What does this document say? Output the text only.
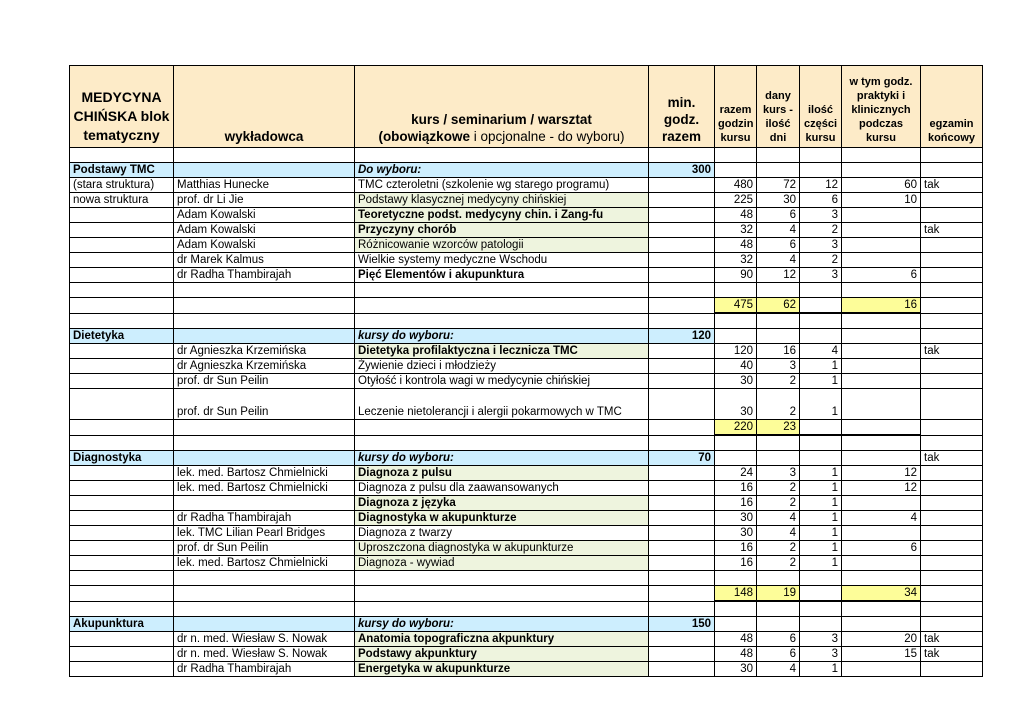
MEDYCYNA CHIŃSKA blok tematyczny	wykładowca	kurs / seminarium / warsztat
(obowiązkowe i opcjonalne - do wyboru)	min. godz. razem	razem godzin kursu	dany kurs - ilość dni	ilość części kursu	w tym godz. praktyki i klinicznych podczas kursu	egzamin końcowy

Podstawy TMC		Do wyboru:	300					
(stara struktura)	Matthias Hunecke	TMC czteroletni (szkolenie wg starego programu)		480	72	12	60	tak
nowa struktura	prof. dr Li Jie	Podstawy klasycznej medycyny chińskiej		225	30	6	10	
	Adam Kowalski	Teoretyczne podst. medycyny chin. i Zang-fu		48	6	3		
	Adam Kowalski	Przyczyny chorób		32	4	2		tak
	Adam Kowalski	Różnicowanie wzorców patologii		48	6	3		
	dr Marek Kalmus	Wielkie systemy medyczne Wschodu		32	4	2		
	dr Radha Thambirajah	Pięć Elementów i akupunktura		90	12	3	6	

				475	62		16	

Dietetyka		kursy do wyboru:	120					
	dr Agnieszka Krzemińska	Dietetyka profilaktyczna i lecznicza TMC		120	16	4		tak
	dr Agnieszka Krzemińska	Żywienie dzieci i młodzieży		40	3	1		
	prof. dr Sun Peilin	Otyłość i kontrola wagi w medycynie chińskiej		30	2	1		
	prof. dr Sun Peilin	Leczenie nietolerancji i alergii pokarmowych w TMC		30	2	1		
				220	23			

Diagnostyka		kursy do wyboru:	70					tak
	lek. med. Bartosz Chmielnicki	Diagnoza z pulsu		24	3	1	12	
	lek. med. Bartosz Chmielnicki	Diagnoza z pulsu dla zaawansowanych		16	2	1	12	
		Diagnoza z języka		16	2	1		
	dr Radha Thambirajah	Diagnostyka w akupunkturze		30	4	1	4	
	lek. TMC Lilian Pearl Bridges	Diagnoza z twarzy		30	4	1		
	prof. dr Sun Peilin	Uproszczona diagnostyka w akupunkturze		16	2	1	6	
	lek. med. Bartosz Chmielnicki	Diagnoza - wywiad		16	2	1		

				148	19		34	

Akupunktura		kursy do wyboru:	150					
	dr n. med. Wiesław S. Nowak	Anatomia topograficzna akpunktury		48	6	3	20	tak
	dr n. med. Wiesław S. Nowak	Podstawy akpunktury		48	6	3	15	tak
	dr Radha Thambirajah	Energetyka w akupunkturze		30	4	1		
